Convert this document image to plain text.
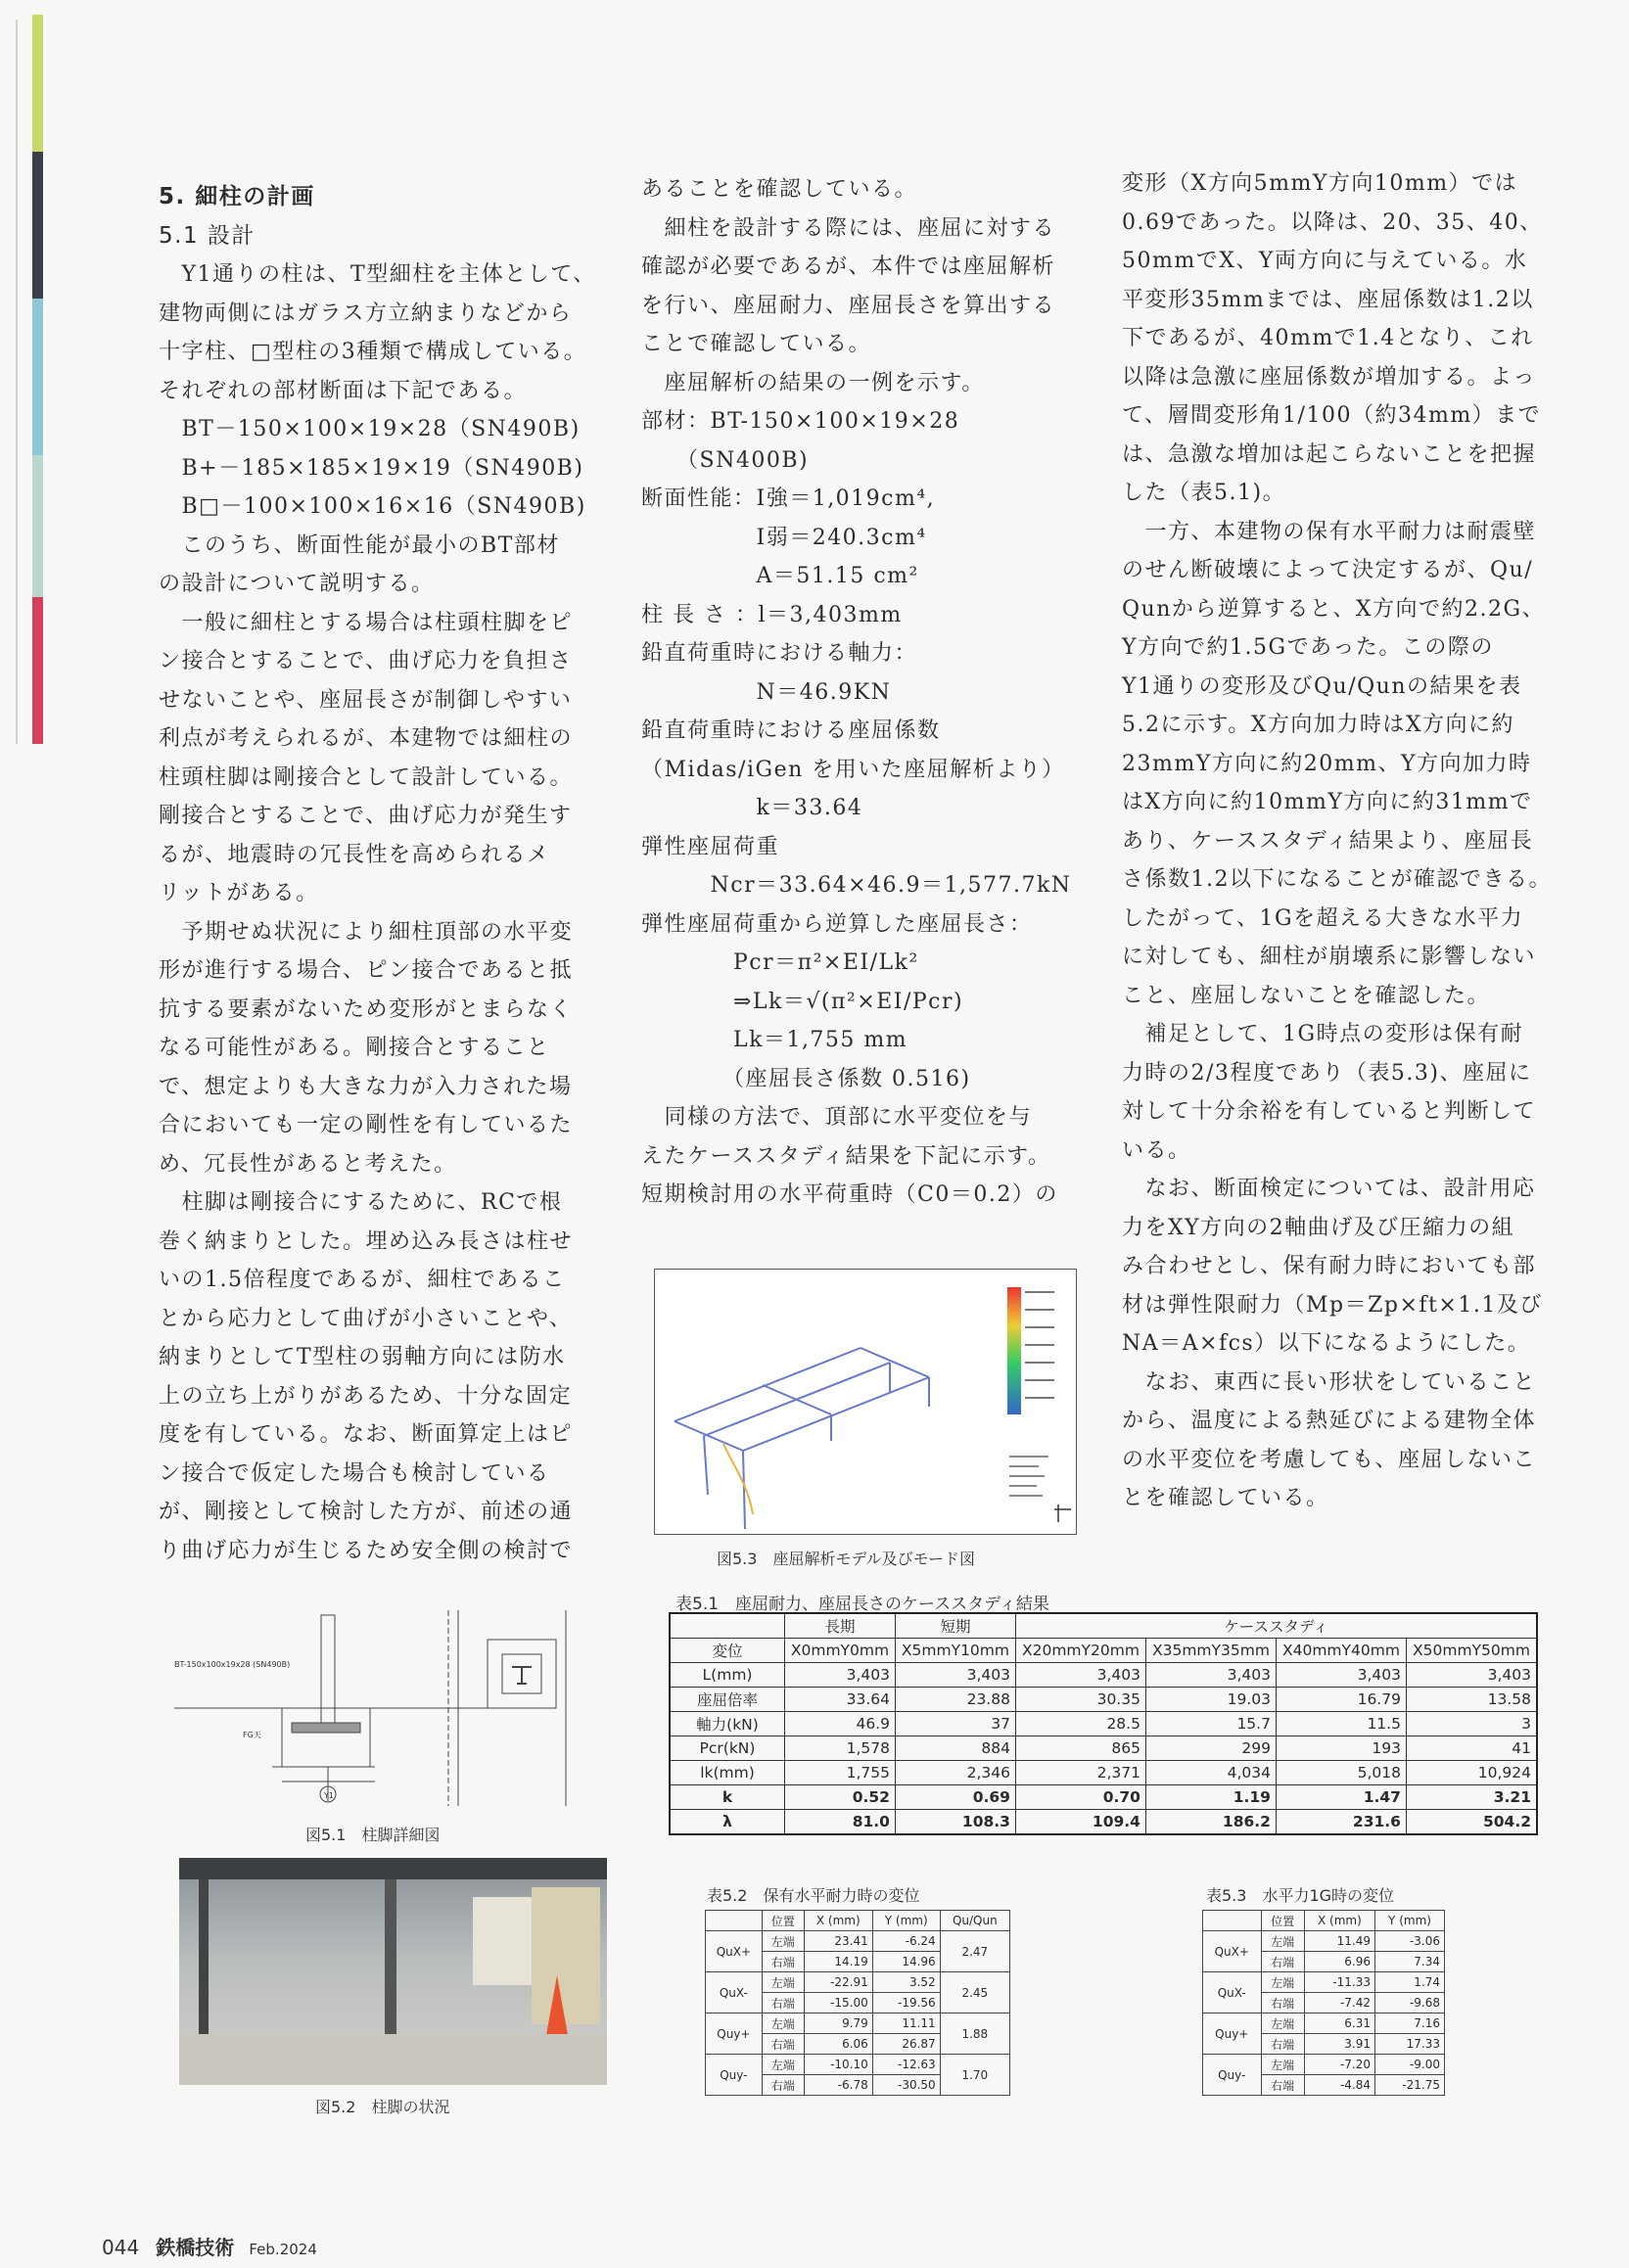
5. 細柱の計画

5.1 設計

　Y1通りの柱は、T型細柱を主体として、

建物両側にはガラス方立納まりなどから

十字柱、□型柱の3種類で構成している。

それぞれの部材断面は下記である。

　BT－150×100×19×28（SN490B)

　B+－185×185×19×19（SN490B)

　B□－100×100×16×16（SN490B)

　このうち、断面性能が最小のBT部材

の設計について説明する。

　一般に細柱とする場合は柱頭柱脚をピ

ン接合とすることで、曲げ応力を負担さ

せないことや、座屈長さが制御しやすい

利点が考えられるが、本建物では細柱の

柱頭柱脚は剛接合として設計している。

剛接合とすることで、曲げ応力が発生す

るが、地震時の冗長性を高められるメ

リットがある。

　予期せぬ状況により細柱頂部の水平変

形が進行する場合、ピン接合であると抵

抗する要素がないため変形がとまらなく

なる可能性がある。剛接合とすること

で、想定よりも大きな力が入力された場

合においても一定の剛性を有しているた

め、冗長性があると考えた。

　柱脚は剛接合にするために、RCで根

巻く納まりとした。埋め込み長さは柱せ

いの1.5倍程度であるが、細柱であるこ

とから応力として曲げが小さいことや、

納まりとしてT型柱の弱軸方向には防水

上の立ち上がりがあるため、十分な固定

度を有している。なお、断面算定上はピ

ン接合で仮定した場合も検討している

が、剛接として検討した方が、前述の通

り曲げ応力が生じるため安全側の検討で

あることを確認している。

　細柱を設計する際には、座屈に対する

確認が必要であるが、本件では座屈解析

を行い、座屈耐力、座屈長さを算出する

ことで確認している。

　座屈解析の結果の一例を示す。

部材：BT-150×100×19×28

　　（SN400B)

断面性能：I強＝1,019cm⁴,

　　　　　I弱＝240.3cm⁴

　　　　　A＝51.15 cm²

柱 長 さ ：l＝3,403mm

鉛直荷重時における軸力：

　　　　　N＝46.9KN

鉛直荷重時における座屈係数

（Midas/iGen を用いた座屈解析より）

　　　　　k＝33.64

弾性座屈荷重

　　　Ncr＝33.64×46.9＝1,577.7kN

弾性座屈荷重から逆算した座屈長さ：

　　　　Pcr＝π²×EI/Lk²

　　　　⇒Lk＝√(π²×EI/Pcr)

　　　　Lk＝1,755 mm

　　　　（座屈長さ係数 0.516)

　同様の方法で、頂部に水平変位を与

えたケーススタディ結果を下記に示す。

短期検討用の水平荷重時（C0＝0.2）の

変形（X方向5mmY方向10mm）では

0.69であった。以降は、20、35、40、

50mmでX、Y両方向に与えている。水

平変形35mmまでは、座屈係数は1.2以

下であるが、40mmで1.4となり、これ

以降は急激に座屈係数が増加する。よっ

て、層間変形角1/100（約34mm）まで

は、急激な増加は起こらないことを把握

した（表5.1)。

　一方、本建物の保有水平耐力は耐震壁

のせん断破壊によって決定するが、Qu/

Qunから逆算すると、X方向で約2.2G、

Y方向で約1.5Gであった。この際の

Y1通りの変形及びQu/Qunの結果を表

5.2に示す。X方向加力時はX方向に約

23mmY方向に約20mm、Y方向加力時

はX方向に約10mmY方向に約31mmで

あり、ケーススタディ結果より、座屈長

さ係数1.2以下になることが確認できる。

したがって、1Gを超える大きな水平力

に対しても、細柱が崩壊系に影響しない

こと、座屈しないことを確認した。

　補足として、1G時点の変形は保有耐

力時の2/3程度であり（表5.3)、座屈に

対して十分余裕を有していると判断して

いる。

　なお、断面検定については、設計用応

力をXY方向の2軸曲げ及び圧縮力の組

み合わせとし、保有耐力時においても部

材は弾性限耐力（Mp＝Zp×ft×1.1及び

NA＝A×fcs）以下になるようにした。

　なお、東西に長い形状をしていること

から、温度による熱延びによる建物全体

の水平変位を考慮しても、座屈しないこ

とを確認している。

図5.3　座屈解析モデル及びモード図
BT-150x100x19x28 (SN490B)
FG天
Y1
図5.1　柱脚詳細図
図5.2　柱脚の状況
表5.1　座屈耐力、座屈長さのケーススタディ結果
	長期	短期	ケーススタディ			
変位	X0mmY0mm	X5mmY10mm	X20mmY20mm	X35mmY35mm	X40mmY40mm	X50mmY50mm
L(mm)	3,403	3,403	3,403	3,403	3,403	3,403
座屈倍率	33.64	23.88	30.35	19.03	16.79	13.58
軸力(kN)	46.9	37	28.5	15.7	11.5	3
Pcr(kN)	1,578	884	865	299	193	41
lk(mm)	1,755	2,346	2,371	4,034	5,018	10,924
k	0.52	0.69	0.70	1.19	1.47	3.21
λ	81.0	108.3	109.4	186.2	231.6	504.2
表5.2　保有水平耐力時の変位
	位置	X (mm)	Y (mm)	Qu/Qun
QuX+	左端	23.41	-6.24	2.47
	右端	14.19	14.96	
QuX-	左端	-22.91	3.52	2.45
	右端	-15.00	-19.56	
Quy+	左端	9.79	11.11	1.88
	右端	6.06	26.87	
Quy-	左端	-10.10	-12.63	1.70
	右端	-6.78	-30.50	
表5.3　水平力1G時の変位
	位置	X (mm)	Y (mm)
QuX+	左端	11.49	-3.06
	右端	6.96	7.34
QuX-	左端	-11.33	1.74
	右端	-7.42	-9.68
Quy+	左端	6.31	7.16
	右端	3.91	17.33
Quy-	左端	-7.20	-9.00
	右端	-4.84	-21.75
044 鉄橋技術 Feb.2024
